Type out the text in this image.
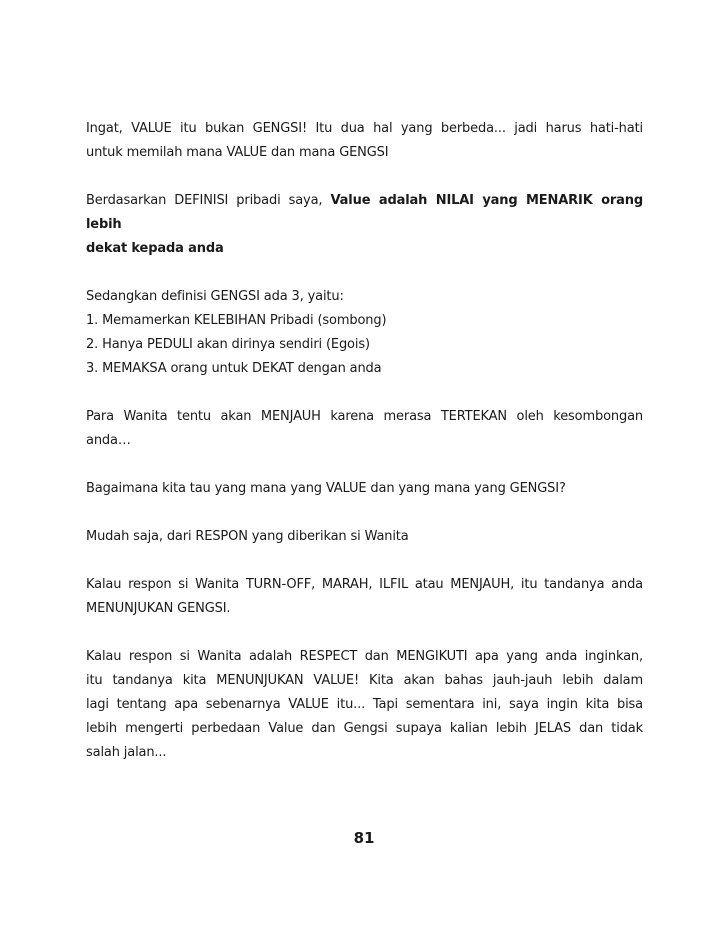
Ingat, VALUE itu bukan GENGSI! Itu dua hal yang berbeda... jadi harus hati-hati
untuk memilah mana VALUE dan mana GENGSI
Berdasarkan DEFINISI pribadi saya, Value adalah NILAI yang MENARIK orang lebih
dekat kepada anda
Sedangkan definisi GENGSI ada 3, yaitu:
1. Memamerkan KELEBIHAN Pribadi (sombong)
2. Hanya PEDULI akan dirinya sendiri (Egois)
3. MEMAKSA orang untuk DEKAT dengan anda
Para Wanita tentu akan MENJAUH karena merasa TERTEKAN oleh kesombongan
anda…
Bagaimana kita tau yang mana yang VALUE dan yang mana yang GENGSI?
Mudah saja, dari RESPON yang diberikan si Wanita
Kalau respon si Wanita TURN-OFF, MARAH, ILFIL atau MENJAUH, itu tandanya anda
MENUNJUKAN GENGSI.
Kalau respon si Wanita adalah RESPECT dan MENGIKUTI apa yang anda inginkan,
itu tandanya kita MENUNJUKAN VALUE! Kita akan bahas jauh-jauh lebih dalam
lagi tentang apa sebenarnya VALUE itu... Tapi sementara ini, saya ingin kita bisa
lebih mengerti perbedaan Value dan Gengsi supaya kalian lebih JELAS dan tidak
salah jalan...
81
